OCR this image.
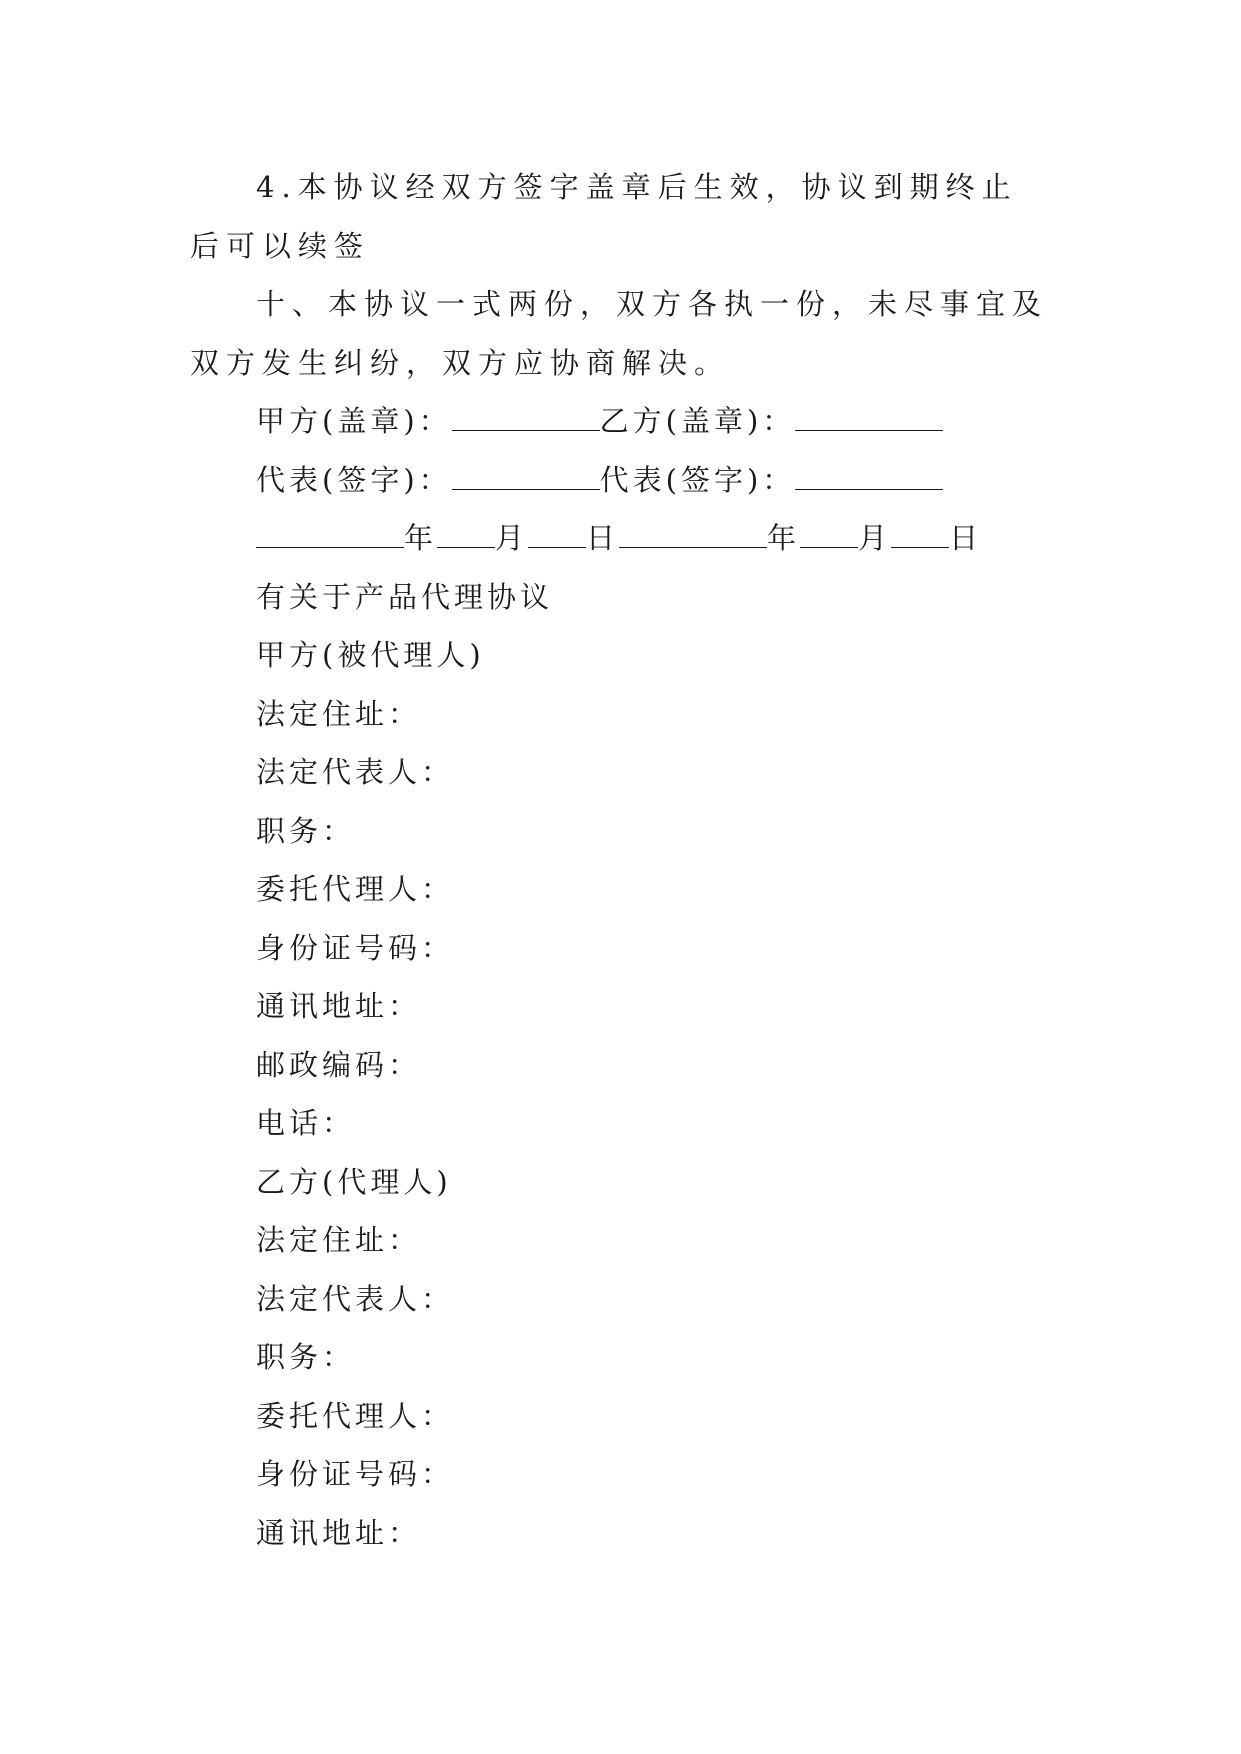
4.本协议经双方签字盖章后生效，协议到期终止后可以续签
十、本协议一式两份，双方各执一份，未尽事宜及双方发生纠纷，双方应协商解决。
甲方(盖章)：	乙方(盖章)：
代表(签字)：	代表(签字)：
年 月 日	年 月 日
有关于产品代理协议
甲方(被代理人)
法定住址：
法定代表人：
职务：
委托代理人：
身份证号码：
通讯地址：
邮政编码：
电话：
乙方(代理人)
法定住址：
法定代表人：
职务：
委托代理人：
身份证号码：
通讯地址：
